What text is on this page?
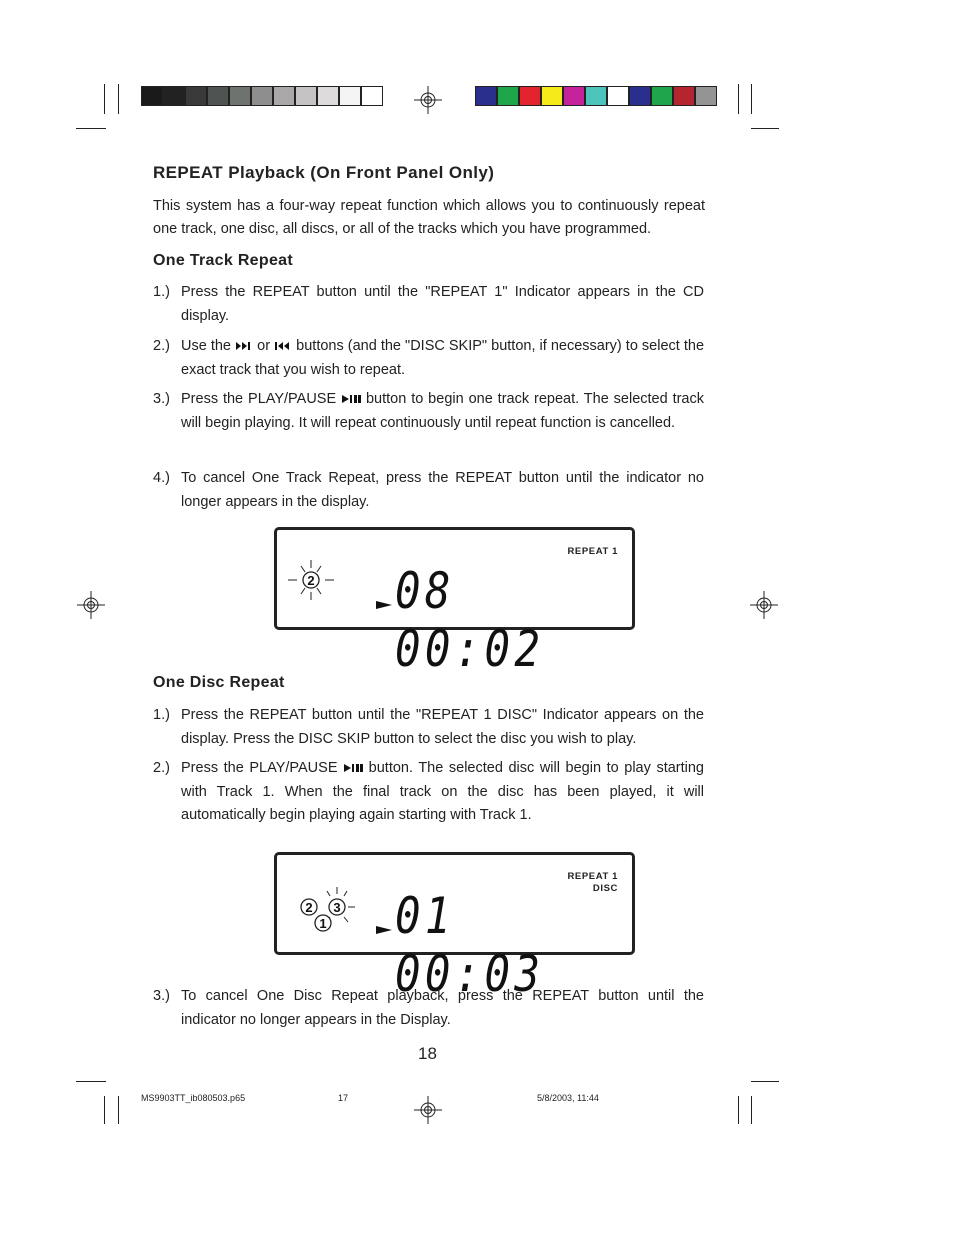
REPEAT Playback (On Front Panel Only)
This system has a four-way repeat function which allows you to continuously repeat one track, one disc, all discs, or all of the tracks which you have programmed.
One Track Repeat
1.) Press the REPEAT button until the "REPEAT 1" Indicator appears in the CD display.
2.) Use the or buttons (and the "DISC SKIP" button, if necessary) to select the exact track that you wish to repeat.
3.) Press the PLAY/PAUSE button to begin one track repeat. The selected track will begin playing. It will repeat continuously until repeat function is cancelled.
4.) To cancel One Track Repeat, press the REPEAT button until the indicator no longer appears in the display.
REPEAT 1
2 08 00:02
One Disc Repeat
1.) Press the REPEAT button until the "REPEAT 1 DISC" Indicator appears on the display. Press the DISC SKIP button to select the disc you wish to play.
2.) Press the PLAY/PAUSE button. The selected disc will begin to play starting with Track 1. When the final track on the disc has been played, it will automatically begin playing again starting with Track 1.
REPEAT 1
DISC
2 3
1 01 00:03
3.) To cancel One Disc Repeat playback, press the REPEAT button until the indicator no longer appears in the Display.
18
MS9903TT_ib080503.p65	17	5/8/2003, 11:44
